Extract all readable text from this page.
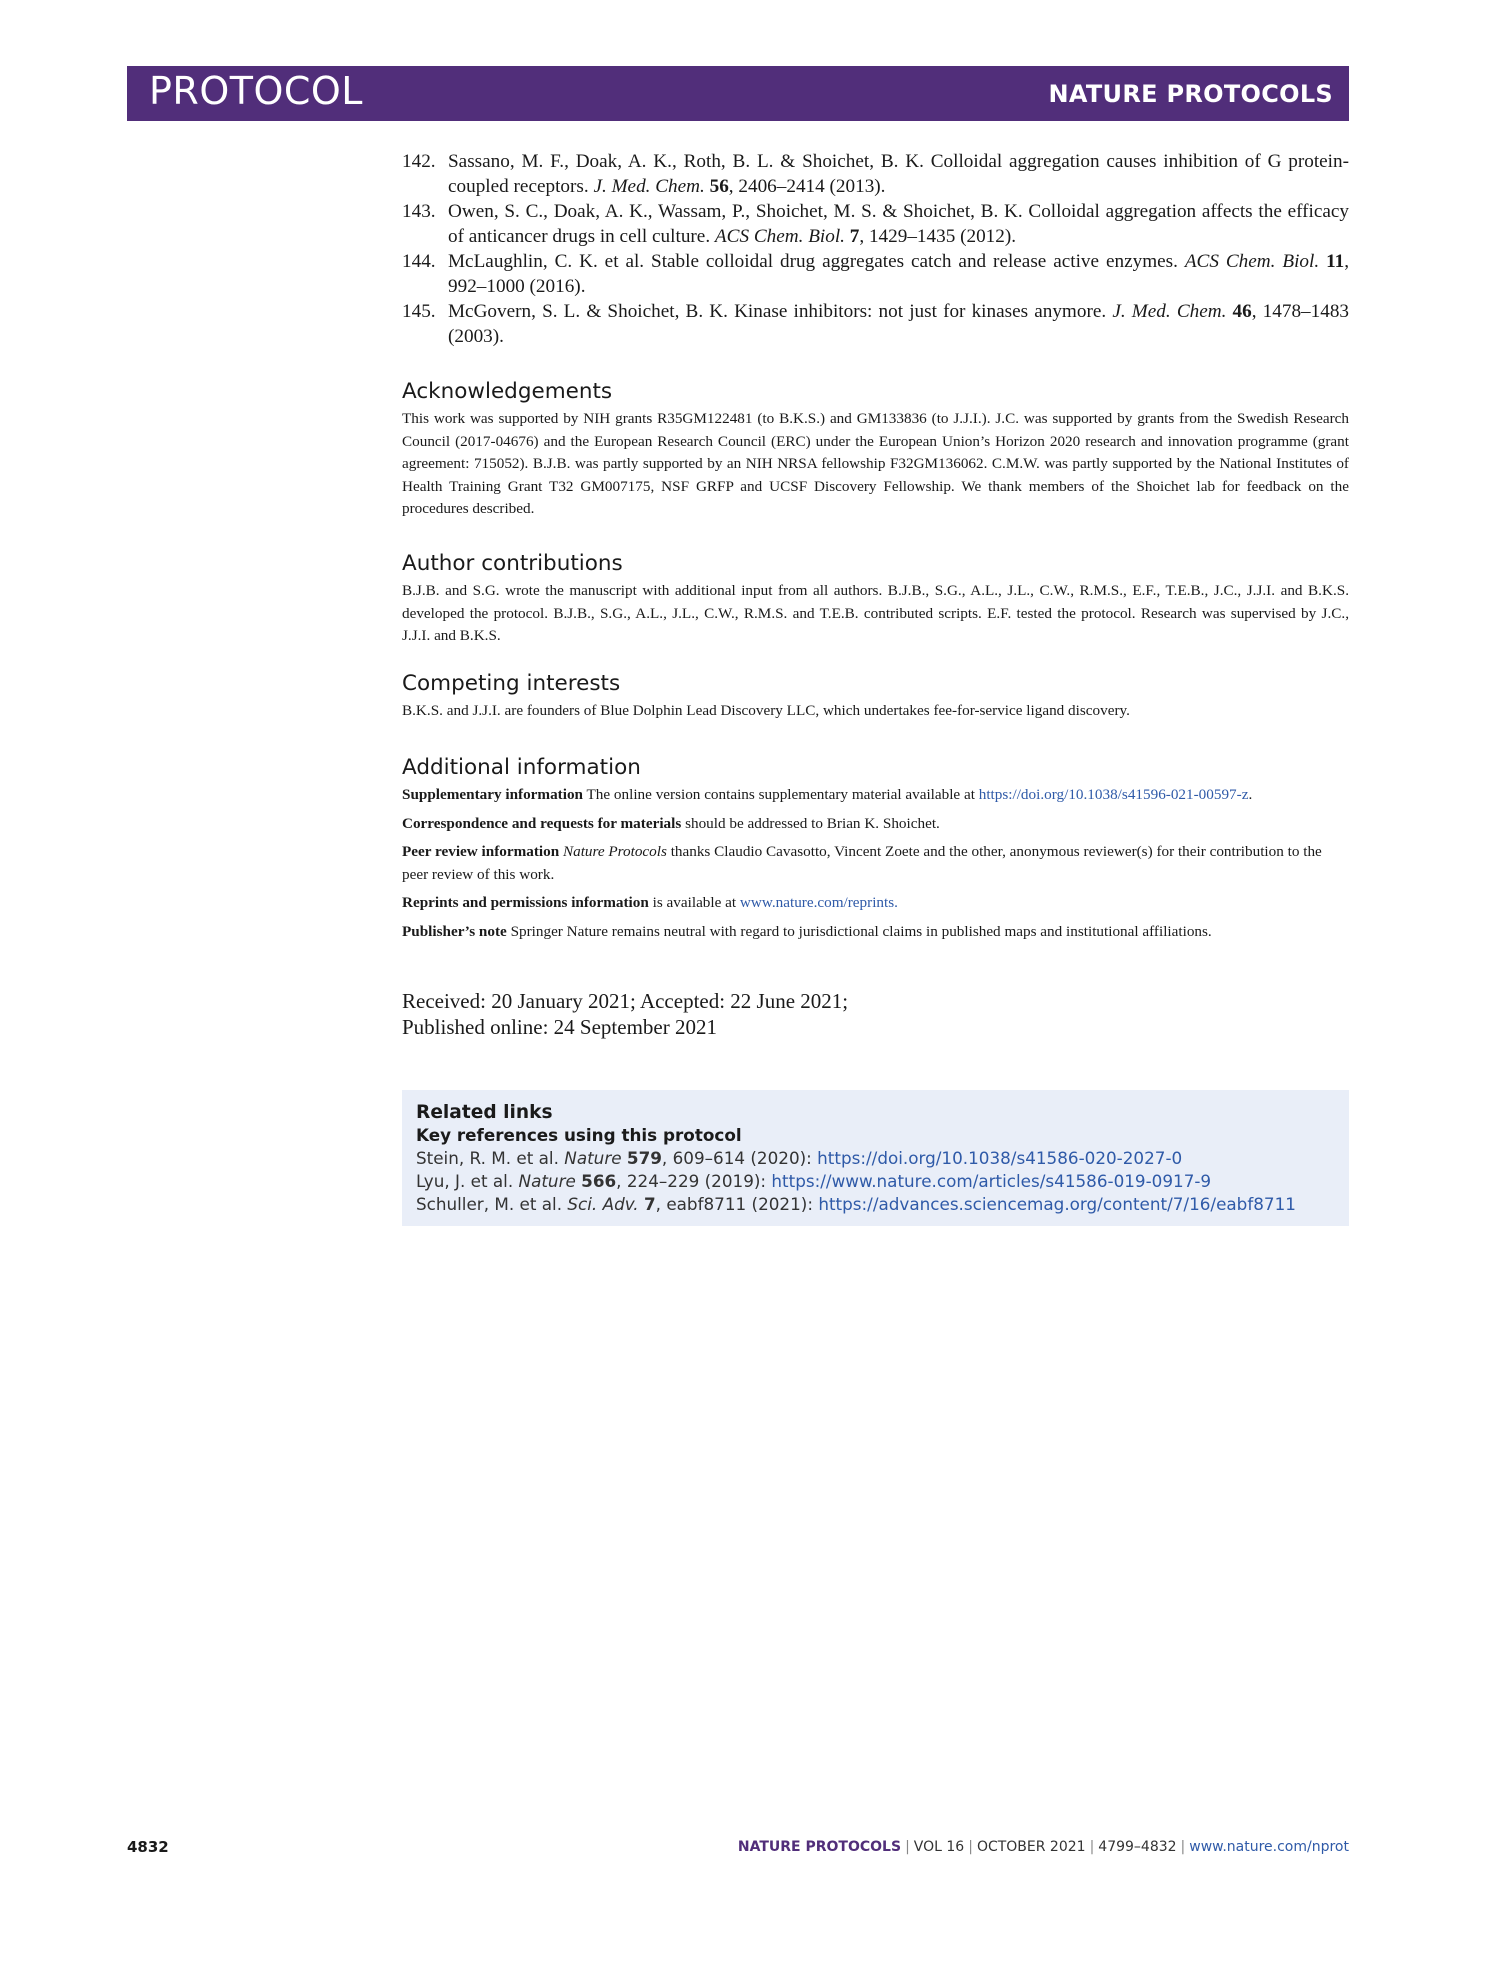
PROTOCOL	NATURE PROTOCOLS
142. Sassano, M. F., Doak, A. K., Roth, B. L. & Shoichet, B. K. Colloidal aggregation causes inhibition of G protein-coupled receptors. J. Med. Chem. 56, 2406–2414 (2013).
143. Owen, S. C., Doak, A. K., Wassam, P., Shoichet, M. S. & Shoichet, B. K. Colloidal aggregation affects the efficacy of anticancer drugs in cell culture. ACS Chem. Biol. 7, 1429–1435 (2012).
144. McLaughlin, C. K. et al. Stable colloidal drug aggregates catch and release active enzymes. ACS Chem. Biol. 11, 992–1000 (2016).
145. McGovern, S. L. & Shoichet, B. K. Kinase inhibitors: not just for kinases anymore. J. Med. Chem. 46, 1478–1483 (2003).
Acknowledgements
This work was supported by NIH grants R35GM122481 (to B.K.S.) and GM133836 (to J.J.I.). J.C. was supported by grants from the Swedish Research Council (2017-04676) and the European Research Council (ERC) under the European Union’s Horizon 2020 research and innovation programme (grant agreement: 715052). B.J.B. was partly supported by an NIH NRSA fellowship F32GM136062. C.M.W. was partly supported by the National Institutes of Health Training Grant T32 GM007175, NSF GRFP and UCSF Discovery Fellowship. We thank members of the Shoichet lab for feedback on the procedures described.
Author contributions
B.J.B. and S.G. wrote the manuscript with additional input from all authors. B.J.B., S.G., A.L., J.L., C.W., R.M.S., E.F., T.E.B., J.C., J.J.I. and B.K.S. developed the protocol. B.J.B., S.G., A.L., J.L., C.W., R.M.S. and T.E.B. contributed scripts. E.F. tested the protocol. Research was supervised by J.C., J.J.I. and B.K.S.
Competing interests
B.K.S. and J.J.I. are founders of Blue Dolphin Lead Discovery LLC, which undertakes fee-for-service ligand discovery.
Additional information
Supplementary information The online version contains supplementary material available at https://doi.org/10.1038/s41596-021-00597-z.
Correspondence and requests for materials should be addressed to Brian K. Shoichet.
Peer review information Nature Protocols thanks Claudio Cavasotto, Vincent Zoete and the other, anonymous reviewer(s) for their contribution to the peer review of this work.
Reprints and permissions information is available at www.nature.com/reprints.
Publisher’s note Springer Nature remains neutral with regard to jurisdictional claims in published maps and institutional affiliations.
Received: 20 January 2021; Accepted: 22 June 2021;
Published online: 24 September 2021
Related links
Key references using this protocol
Stein, R. M. et al. Nature 579, 609–614 (2020): https://doi.org/10.1038/s41586-020-2027-0
Lyu, J. et al. Nature 566, 224–229 (2019): https://www.nature.com/articles/s41586-019-0917-9
Schuller, M. et al. Sci. Adv. 7, eabf8711 (2021): https://advances.sciencemag.org/content/7/16/eabf8711
4832	NATURE PROTOCOLS | VOL 16 | OCTOBER 2021 | 4799–4832 | www.nature.com/nprot
